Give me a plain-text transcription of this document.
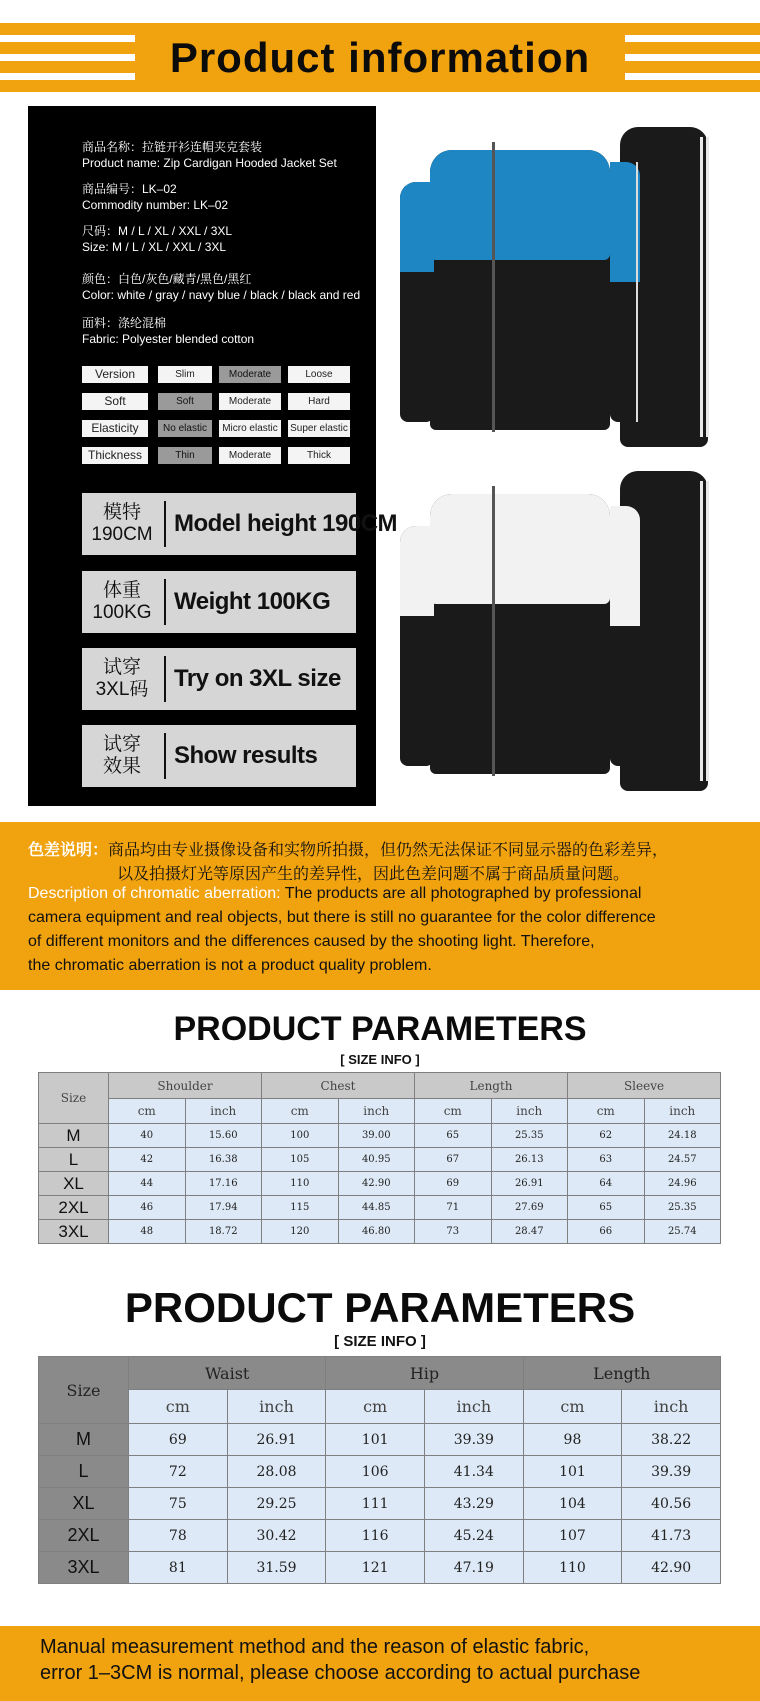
Product information
商品名称：拉链开衫连帽夹克套装
Product name: Zip Cardigan Hooded Jacket Set
商品编号：LK–02
Commodity number: LK–02
尺码：M / L / XL / XXL / 3XL
Size: M / L / XL / XXL / 3XL
颜色：白色/灰色/藏青/黑色/黑红
Color: white / gray / navy blue / black / black and red
面料：涤纶混棉
Fabric: Polyester blended cotton
Version	Slim	Moderate	Loose
Soft	Soft	Moderate	Hard
Elasticity	No elastic	Micro elastic	Super elastic
Thickness	Thin	Moderate	Thick
模特
190CM Model height 190CM
体重
100KG Weight 100KG
试穿
3XL码 Try on 3XL size
试穿
效果 Show results
色差说明：商品均由专业摄像设备和实物所拍摄，但仍然无法保证不同显示器的色彩差异，
以及拍摄灯光等原因产生的差异性，因此色差问题不属于商品质量问题。
Description of chromatic aberration: The products are all photographed by professional
camera equipment and real objects, but there is still no guarantee for the color difference
of different monitors and the differences caused by the shooting light. Therefore,
the chromatic aberration is not a product quality problem.
PRODUCT PARAMETERS
[ SIZE INFO ]
Size	Shoulder		Chest		Length		Sleeve	
	cm	inch	cm	inch	cm	inch	cm	inch
M	40	15.60	100	39.00	65	25.35	62	24.18
L	42	16.38	105	40.95	67	26.13	63	24.57
XL	44	17.16	110	42.90	69	26.91	64	24.96
2XL	46	17.94	115	44.85	71	27.69	65	25.35
3XL	48	18.72	120	46.80	73	28.47	66	25.74
PRODUCT PARAMETERS
[ SIZE INFO ]
Size	Waist		Hip		Length	
	cm	inch	cm	inch	cm	inch
M	69	26.91	101	39.39	98	38.22
L	72	28.08	106	41.34	101	39.39
XL	75	29.25	111	43.29	104	40.56
2XL	78	30.42	116	45.24	107	41.73
3XL	81	31.59	121	47.19	110	42.90
Manual measurement method and the reason of elastic fabric,
error 1–3CM is normal, please choose according to actual purchase
